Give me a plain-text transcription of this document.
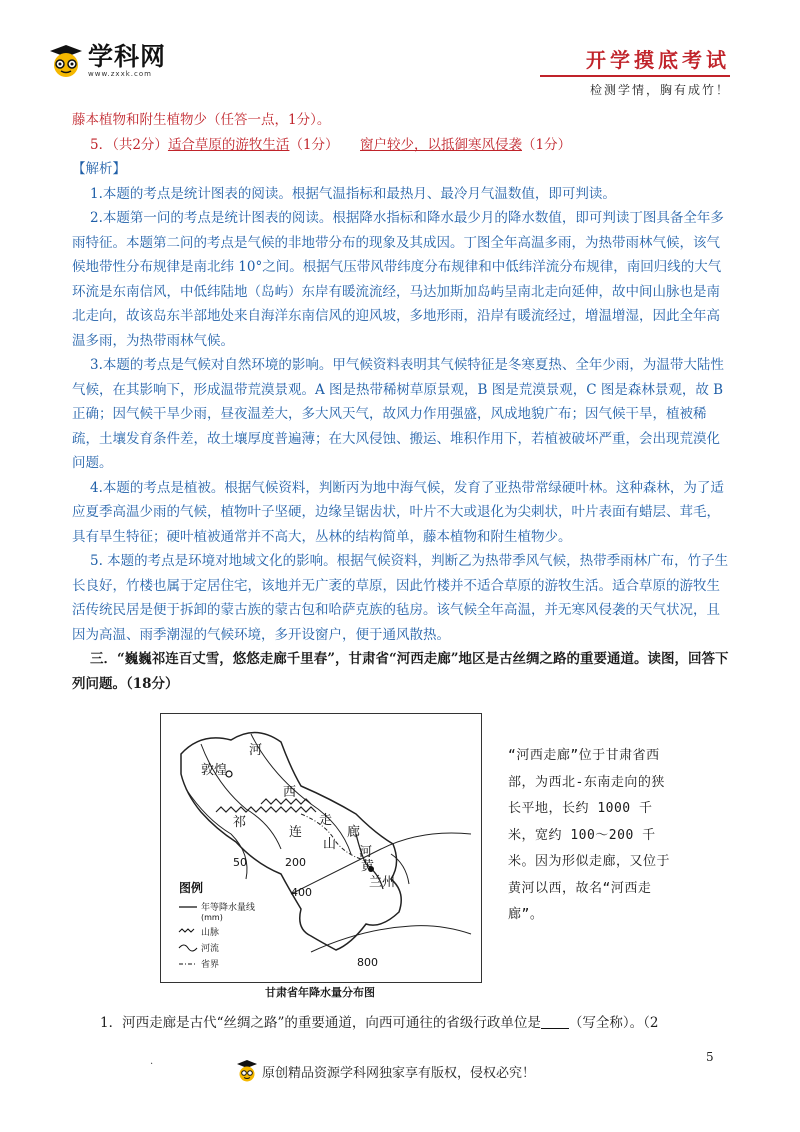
学科网
www.zxxk.com
开学摸底考试
检测学情，胸有成竹！

藤本植物和附生植物少（任答一点，1分）。

5．（共2分）适合草原的游牧生活（1分） 窗户较少，以抵御寒风侵袭（1分）

【解析】

1.本题的考点是统计图表的阅读。根据气温指标和最热月、最冷月气温数值，即可判读。

2.本题第一问的考点是统计图表的阅读。根据降水指标和降水最少月的降水数值，即可判读丁图具备全年多雨特征。本题第二问的考点是气候的非地带分布的现象及其成因。丁图全年高温多雨，为热带雨林气候，该气候地带性分布规律是南北纬 10°之间。根据气压带风带纬度分布规律和中低纬洋流分布规律，南回归线的大气环流是东南信风，中低纬陆地（岛屿）东岸有暖流流经，马达加斯加岛屿呈南北走向延伸，故中间山脉也是南北走向，故该岛东半部地处来自海洋东南信风的迎风坡，多地形雨，沿岸有暖流经过，增温增湿，因此全年高温多雨，为热带雨林气候。

3.本题的考点是气候对自然环境的影响。甲气候资料表明其气候特征是冬寒夏热、全年少雨，为温带大陆性气候，在其影响下，形成温带荒漠景观。A 图是热带稀树草原景观，B 图是荒漠景观，C 图是森林景观，故 B 正确；因气候干旱少雨，昼夜温差大，多大风天气，故风力作用强盛，风成地貌广布；因气候干旱，植被稀疏，土壤发育条件差，故土壤厚度普遍薄；在大风侵蚀、搬运、堆积作用下，若植被破坏严重，会出现荒漠化问题。

4.本题的考点是植被。根据气候资料，判断丙为地中海气候，发育了亚热带常绿硬叶林。这种森林，为了适应夏季高温少雨的气候，植物叶子坚硬，边缘呈锯齿状，叶片不大或退化为尖刺状，叶片表面有蜡层、茸毛，具有旱生特征；硬叶植被通常并不高大，丛林的结构简单，藤本植物和附生植物少。

5. 本题的考点是环境对地域文化的影响。根据气候资料，判断乙为热带季风气候，热带季雨林广布，竹子生长良好，竹楼也属于定居住宅，该地并无广袤的草原，因此竹楼并不适合草原的游牧生活。适合草原的游牧生活传统民居是便于拆卸的蒙古族的蒙古包和哈萨克族的毡房。该气候全年高温，并无寒风侵袭的天气状况，且因为高温、雨季潮湿的气候环境，多开设窗户，便于通风散热。

三．“巍巍祁连百丈雪，悠悠走廊千里春”，甘肃省“河西走廊”地区是古丝绸之路的重要通道。读图，回答下列问题。（18分）

河
敦煌
西
祁
连
走
山
廊
河
黄
兰州
50	200
400
800
图例
年等降水量线
(mm)
山脉
河流
省界
甘肃省年降水量分布图
“河西走廊”位于甘肃省西部，为西北-东南走向的狭长平地，长约 1000 千米，宽约 100～200 千米。因为形似走廊，又位于黄河以西，故名“河西走廊”。
1．河西走廊是古代“丝绸之路”的重要通道，向西可通往的省级行政单位是 （写全称）。（2
.
原创精品资源学科网独家享有版权，侵权必究！
5
